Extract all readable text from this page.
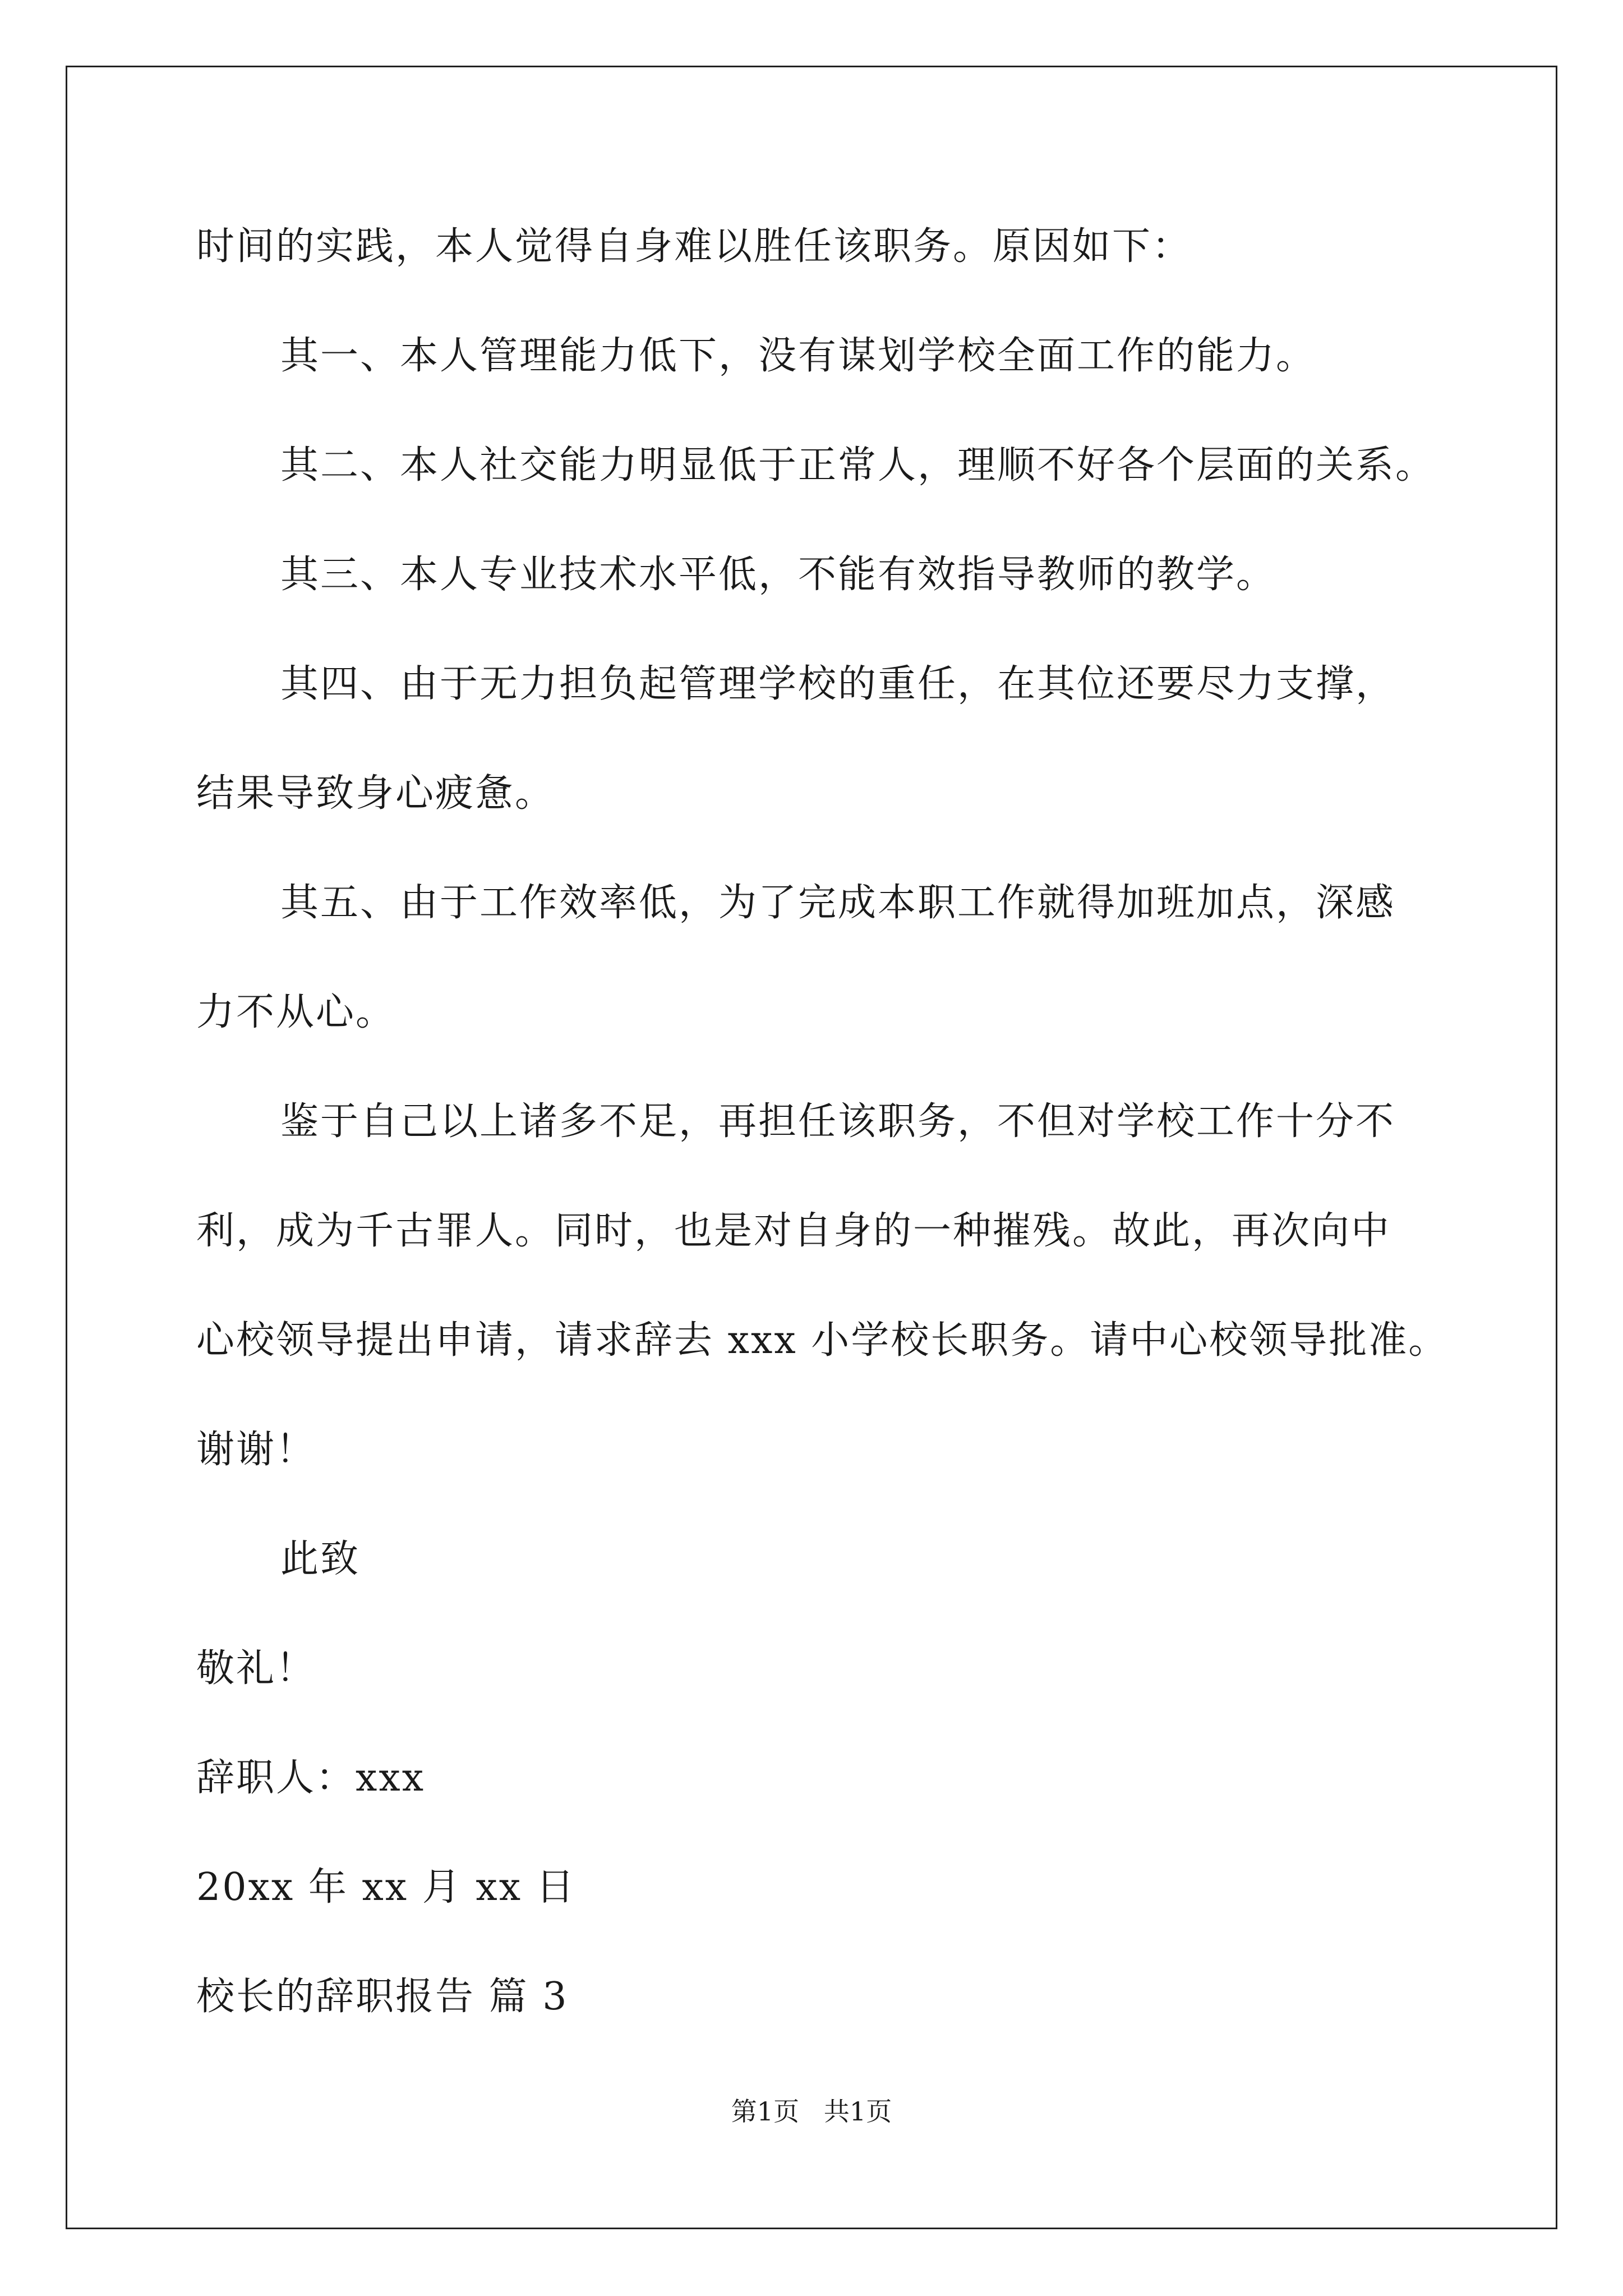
时间的实践，本人觉得自身难以胜任该职务。原因如下：
其一、本人管理能力低下，没有谋划学校全面工作的能力。
其二、本人社交能力明显低于正常人，理顺不好各个层面的关系。
其三、本人专业技术水平低，不能有效指导教师的教学。
其四、由于无力担负起管理学校的重任，在其位还要尽力支撑，
结果导致身心疲惫。
其五、由于工作效率低，为了完成本职工作就得加班加点，深感
力不从心。
鉴于自己以上诸多不足，再担任该职务，不但对学校工作十分不
利，成为千古罪人。同时，也是对自身的一种摧残。故此，再次向中
心校领导提出申请，请求辞去 xxx 小学校长职务。请中心校领导批准。
谢谢！
此致
敬礼！
辞职人：xxx
20xx 年 xx 月 xx 日
校长的辞职报告 篇 3
第1页   共1页
